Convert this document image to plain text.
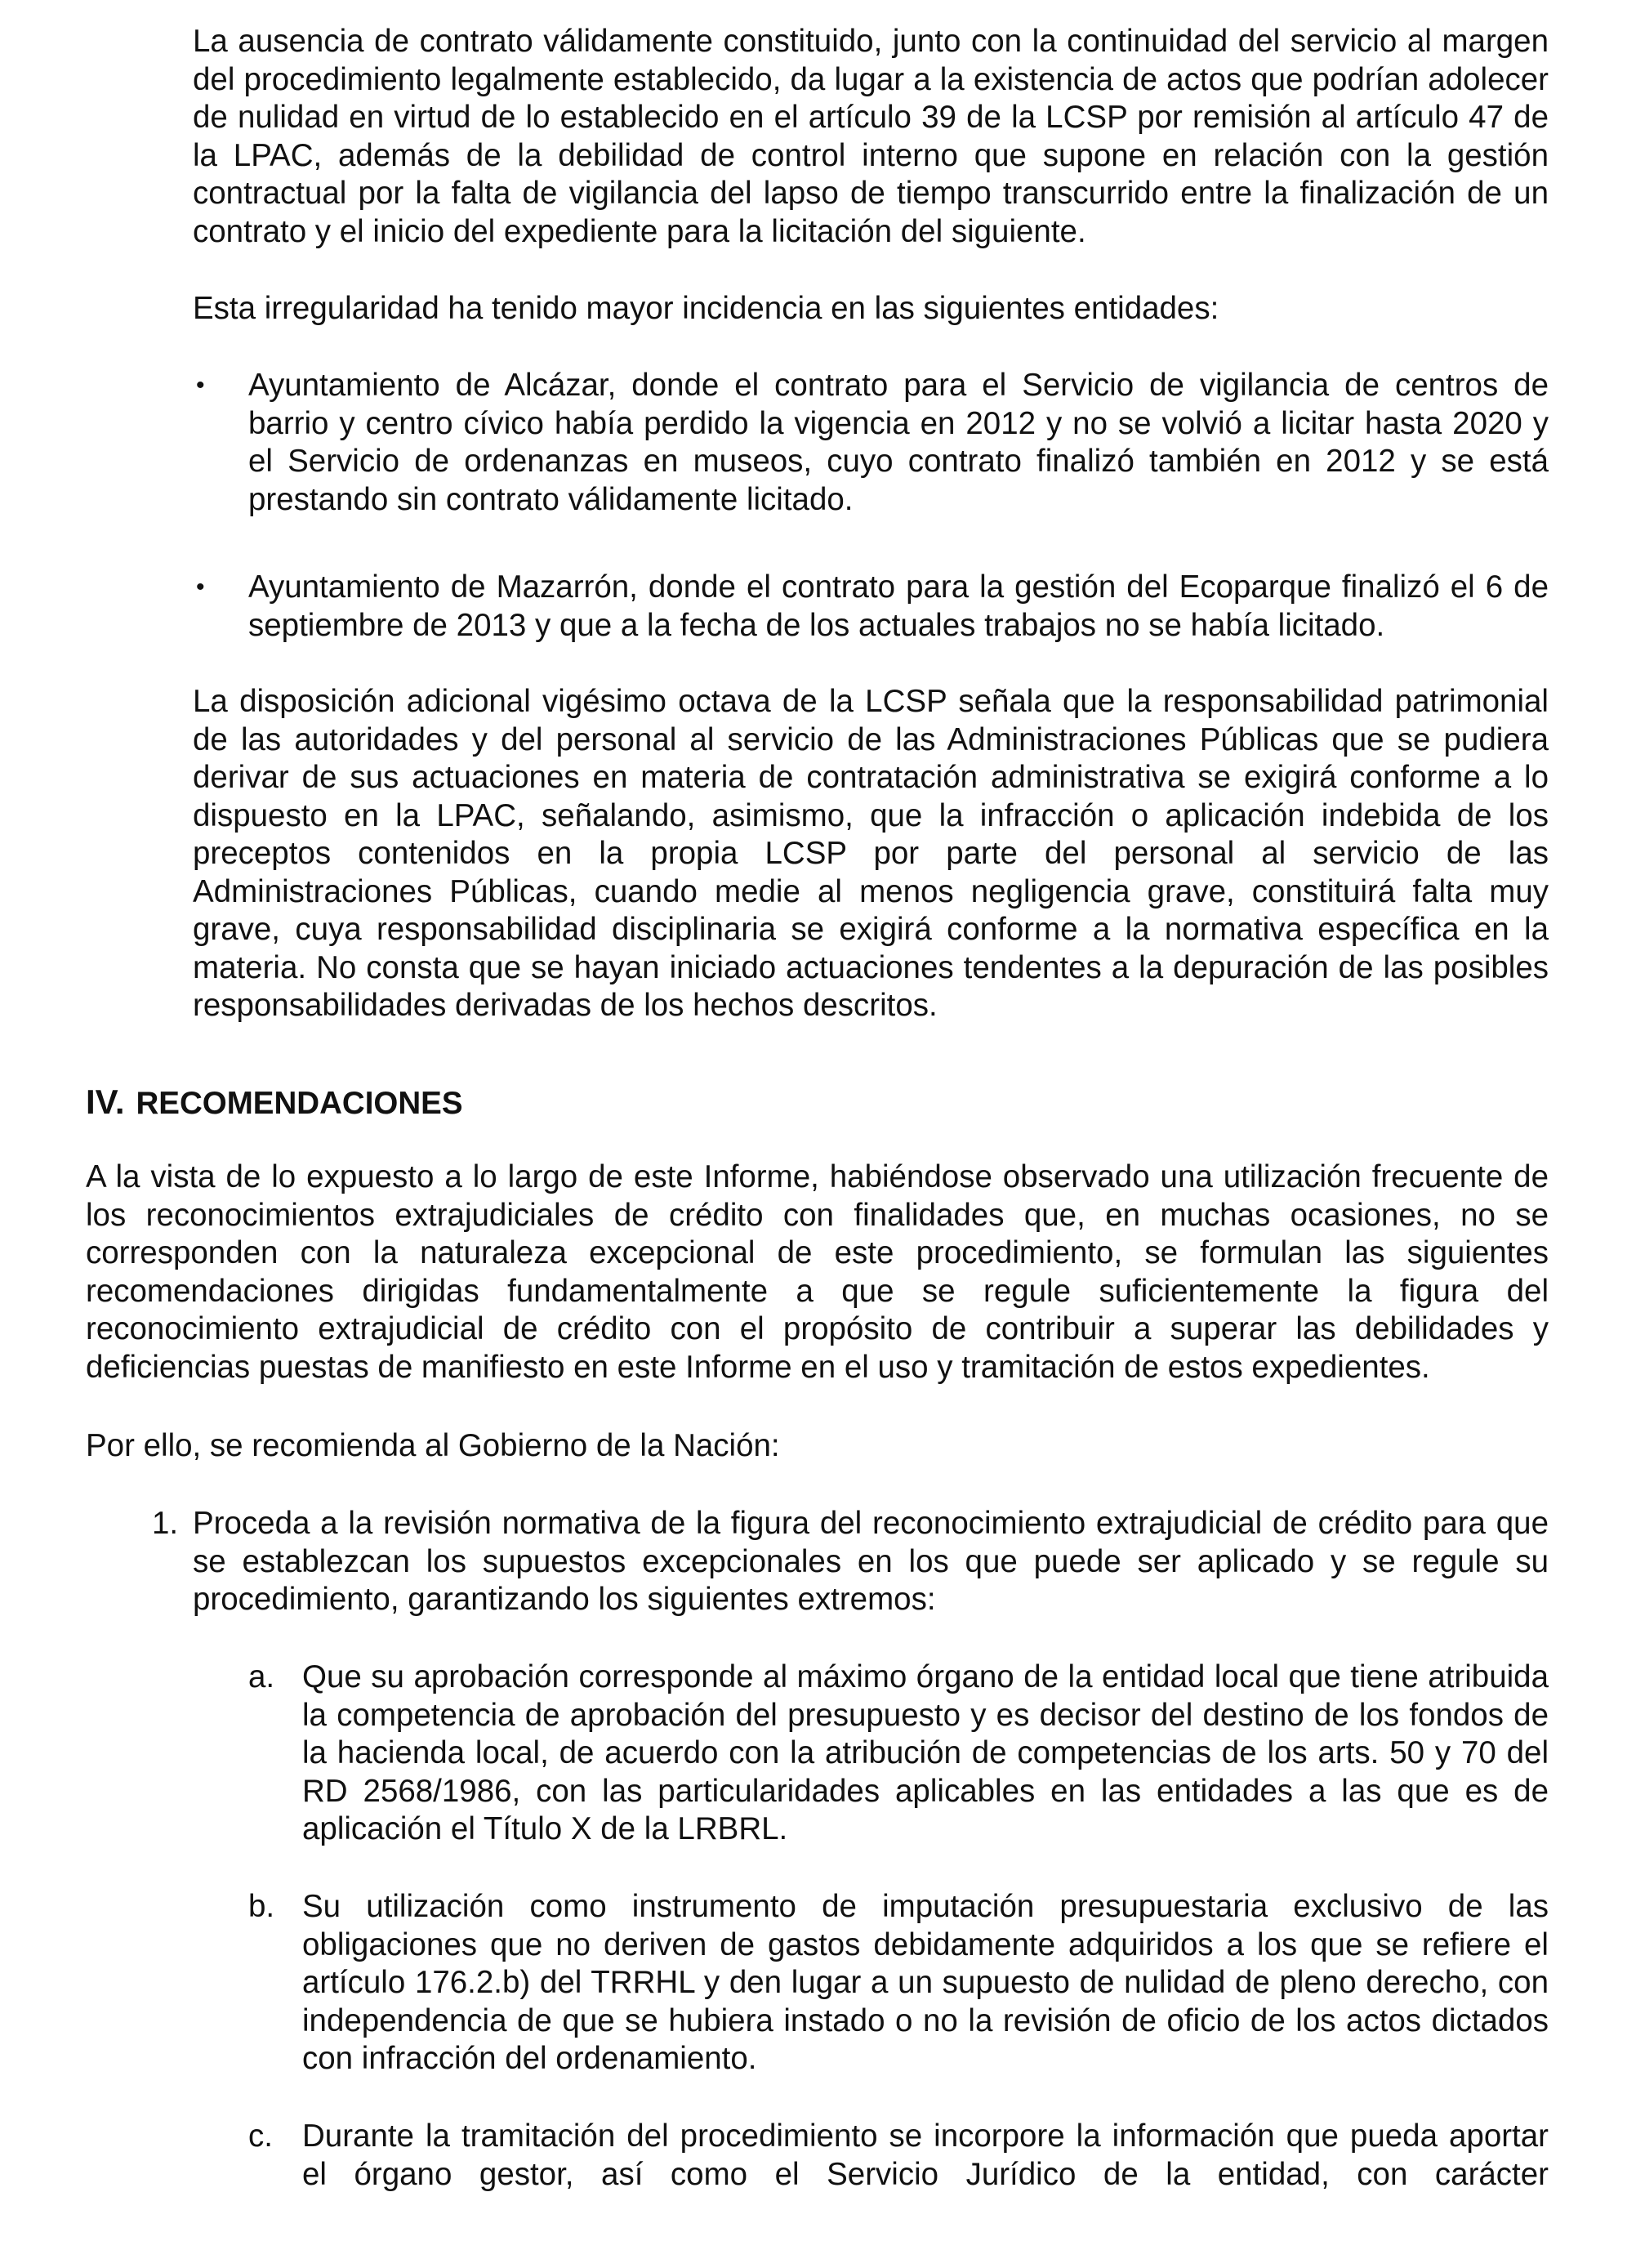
La ausencia de contrato válidamente constituido, junto con la continuidad del servicio al margen del procedimiento legalmente establecido, da lugar a la existencia de actos que podrían adolecer de nulidad en virtud de lo establecido en el artículo 39 de la LCSP por remisión al artículo 47 de la LPAC, además de la debilidad de control interno que supone en relación con la gestión contractual por la falta de vigilancia del lapso de tiempo transcurrido entre la finalización de un contrato y el inicio del expediente para la licitación del siguiente.

Esta irregularidad ha tenido mayor incidencia en las siguientes entidades:

• Ayuntamiento de Alcázar, donde el contrato para el Servicio de vigilancia de centros de barrio y centro cívico había perdido la vigencia en 2012 y no se volvió a licitar hasta 2020 y el Servicio de ordenanzas en museos, cuyo contrato finalizó también en 2012 y se está prestando sin contrato válidamente licitado.

• Ayuntamiento de Mazarrón, donde el contrato para la gestión del Ecoparque finalizó el 6 de septiembre de 2013 y que a la fecha de los actuales trabajos no se había licitado.

La disposición adicional vigésimo octava de la LCSP señala que la responsabilidad patrimonial de las autoridades y del personal al servicio de las Administraciones Públicas que se pudiera derivar de sus actuaciones en materia de contratación administrativa se exigirá conforme a lo dispuesto en la LPAC, señalando, asimismo, que la infracción o aplicación indebida de los preceptos contenidos en la propia LCSP por parte del personal al servicio de las Administraciones Públicas, cuando medie al menos negligencia grave, constituirá falta muy grave, cuya responsabilidad disciplinaria se exigirá conforme a la normativa específica en la materia. No consta que se hayan iniciado actuaciones tendentes a la depuración de las posibles responsabilidades derivadas de los hechos descritos.

IV. RECOMENDACIONES

A la vista de lo expuesto a lo largo de este Informe, habiéndose observado una utilización frecuente de los reconocimientos extrajudiciales de crédito con finalidades que, en muchas ocasiones, no se corresponden con la naturaleza excepcional de este procedimiento, se formulan las siguientes recomendaciones dirigidas fundamentalmente a que se regule suficientemente la figura del reconocimiento extrajudicial de crédito con el propósito de contribuir a superar las debilidades y deficiencias puestas de manifiesto en este Informe en el uso y tramitación de estos expedientes.

Por ello, se recomienda al Gobierno de la Nación:

1. Proceda a la revisión normativa de la figura del reconocimiento extrajudicial de crédito para que se establezcan los supuestos excepcionales en los que puede ser aplicado y se regule su procedimiento, garantizando los siguientes extremos:

a. Que su aprobación corresponde al máximo órgano de la entidad local que tiene atribuida la competencia de aprobación del presupuesto y es decisor del destino de los fondos de la hacienda local, de acuerdo con la atribución de competencias de los arts. 50 y 70 del RD 2568/1986, con las particularidades aplicables en las entidades a las que es de aplicación el Título X de la LRBRL.

b. Su utilización como instrumento de imputación presupuestaria exclusivo de las obligaciones que no deriven de gastos debidamente adquiridos a los que se refiere el artículo 176.2.b) del TRRHL y den lugar a un supuesto de nulidad de pleno derecho, con independencia de que se hubiera instado o no la revisión de oficio de los actos dictados con infracción del ordenamiento.

c. Durante la tramitación del procedimiento se incorpore la información que pueda aportar el órgano gestor, así como el Servicio Jurídico de la entidad, con carácter
